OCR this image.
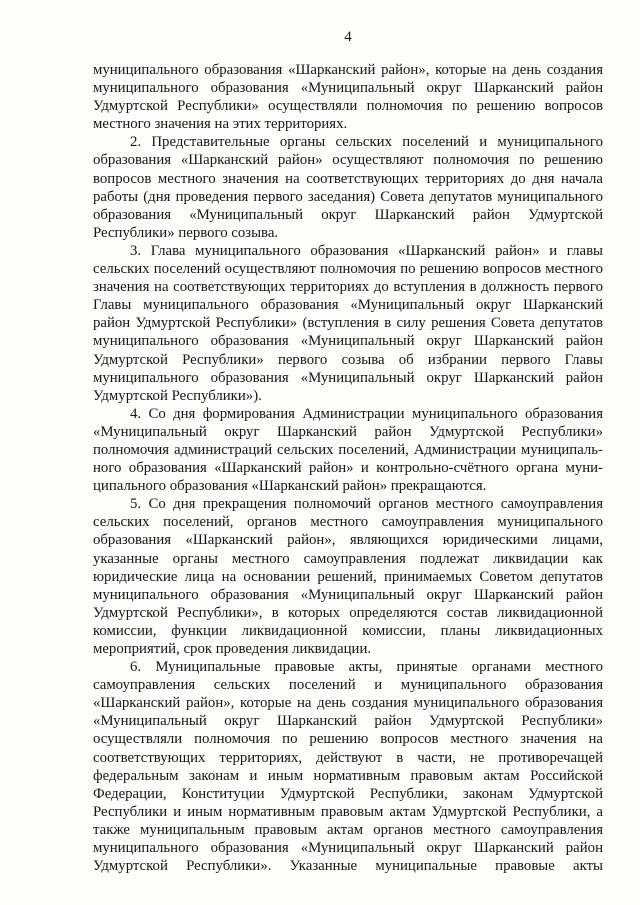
4
муниципального образования «Шарканский район», которые на день создания
муниципального образования «Муниципальный округ Шарканский район
Удмуртской Республики» осуществляли полномочия по решению вопросов
местного значения на этих территориях.
2. Представительные органы сельских поселений и муниципального
образования «Шарканский район» осуществляют полномочия по решению
вопросов местного значения на соответствующих территориях до дня начала
работы (дня проведения первого заседания) Совета депутатов муниципального
образования «Муниципальный округ Шарканский район Удмуртской
Республики» первого созыва.
3. Глава муниципального образования «Шарканский район» и главы
сельских поселений осуществляют полномочия по решению вопросов местного
значения на соответствующих территориях до вступления в должность первого
Главы муниципального образования «Муниципальный округ Шарканский
район Удмуртской Республики» (вступления в силу решения Совета депутатов
муниципального образования «Муниципальный округ Шарканский район
Удмуртской Республики» первого созыва об избрании первого Главы
муниципального образования «Муниципальный округ Шарканский район
Удмуртской Республики»).
4. Со дня формирования Администрации муниципального образования
«Муниципальный округ Шарканский район Удмуртской Республики»
полномочия администраций сельских поселений, Администрации муниципаль-
ного образования «Шарканский район» и контрольно-счётного органа муни-
ципального образования «Шарканский район» прекращаются.
5. Со дня прекращения полномочий органов местного самоуправления
сельских поселений, органов местного самоуправления муниципального
образования «Шарканский район», являющихся юридическими лицами,
указанные органы местного самоуправления подлежат ликвидации как
юридические лица на основании решений, принимаемых Советом депутатов
муниципального образования «Муниципальный округ Шарканский район
Удмуртской Республики», в которых определяются состав ликвидационной
комиссии, функции ликвидационной комиссии, планы ликвидационных
мероприятий, срок проведения ликвидации.
6. Муниципальные правовые акты, принятые органами местного
самоуправления сельских поселений и муниципального образования
«Шарканский район», которые на день создания муниципального образования
«Муниципальный округ Шарканский район Удмуртской Республики»
осуществляли полномочия по решению вопросов местного значения на
соответствующих территориях, действуют в части, не противоречащей
федеральным законам и иным нормативным правовым актам Российской
Федерации, Конституции Удмуртской Республики, законам Удмуртской
Республики и иным нормативным правовым актам Удмуртской Республики, а
также муниципальным правовым актам органов местного самоуправления
муниципального образования «Муниципальный округ Шарканский район
Удмуртской Республики». Указанные муниципальные правовые акты
